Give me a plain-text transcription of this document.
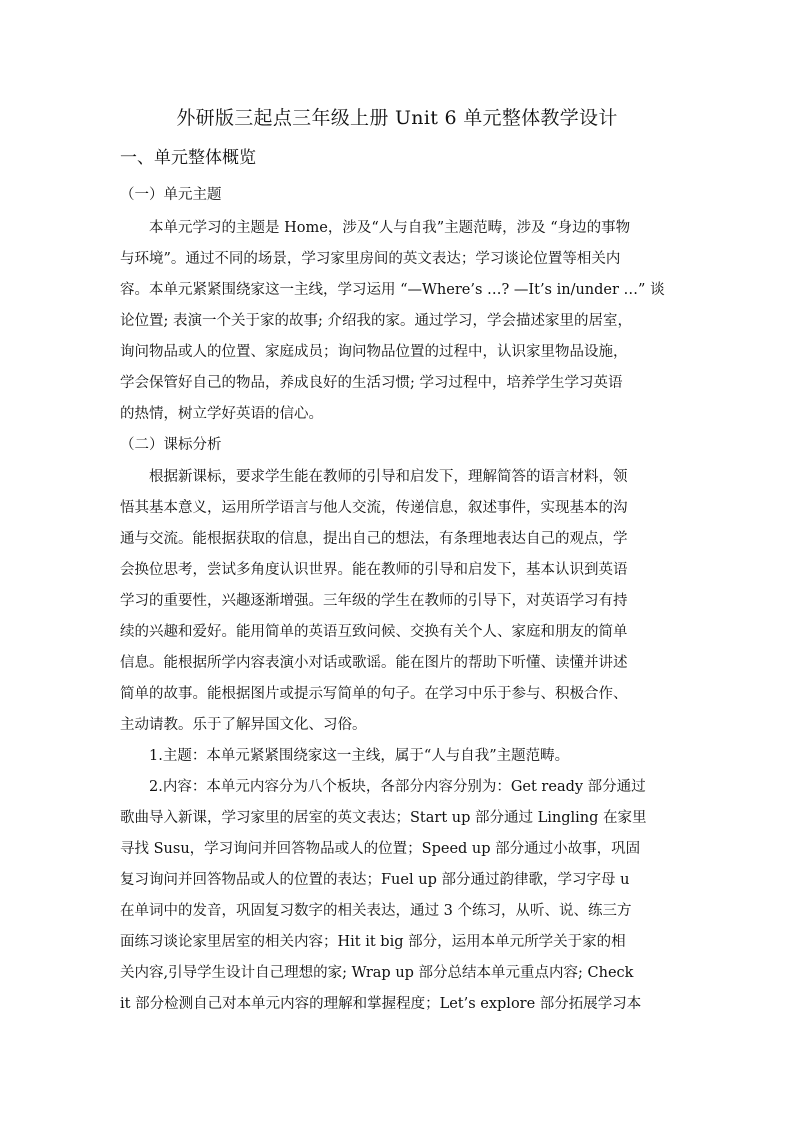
外研版三起点三年级上册 Unit 6 单元整体教学设计
一、单元整体概览
（一）单元主题
本单元学习的主题是 Home，涉及“人与自我”主题范畴，涉及 “身边的事物
与环境”。通过不同的场景，学习家里房间的英文表达；学习谈论位置等相关内
容。本单元紧紧围绕家这一主线，学习运用 “—Where’s …? —It’s in/under …” 谈
论位置; 表演一个关于家的故事; 介绍我的家。通过学习，学会描述家里的居室，
询问物品或人的位置、家庭成员；询问物品位置的过程中，认识家里物品设施，
学会保管好自己的物品，养成良好的生活习惯; 学习过程中，培养学生学习英语
的热情，树立学好英语的信心。
（二）课标分析
根据新课标，要求学生能在教师的引导和启发下，理解简答的语言材料，领
悟其基本意义，运用所学语言与他人交流，传递信息，叙述事件，实现基本的沟
通与交流。能根据获取的信息，提出自己的想法，有条理地表达自己的观点，学
会换位思考，尝试多角度认识世界。能在教师的引导和启发下，基本认识到英语
学习的重要性，兴趣逐渐增强。三年级的学生在教师的引导下，对英语学习有持
续的兴趣和爱好。能用简单的英语互致问候、交换有关个人、家庭和朋友的简单
信息。能根据所学内容表演小对话或歌谣。能在图片的帮助下听懂、读懂并讲述
简单的故事。能根据图片或提示写简单的句子。在学习中乐于参与、积极合作、
主动请教。乐于了解异国文化、习俗。
1.主题：本单元紧紧围绕家这一主线，属于“人与自我”主题范畴。
2.内容：本单元内容分为八个板块，各部分内容分别为：Get ready 部分通过
歌曲导入新课，学习家里的居室的英文表达；Start up 部分通过 Lingling 在家里
寻找 Susu，学习询问并回答物品或人的位置；Speed up 部分通过小故事，巩固
复习询问并回答物品或人的位置的表达；Fuel up 部分通过韵律歌，学习字母 u
在单词中的发音，巩固复习数字的相关表达，通过 3 个练习，从听、说、练三方
面练习谈论家里居室的相关内容；Hit it big 部分，运用本单元所学关于家的相
关内容,引导学生设计自己理想的家; Wrap up 部分总结本单元重点内容; Check
it 部分检测自己对本单元内容的理解和掌握程度；Let’s explore 部分拓展学习本
